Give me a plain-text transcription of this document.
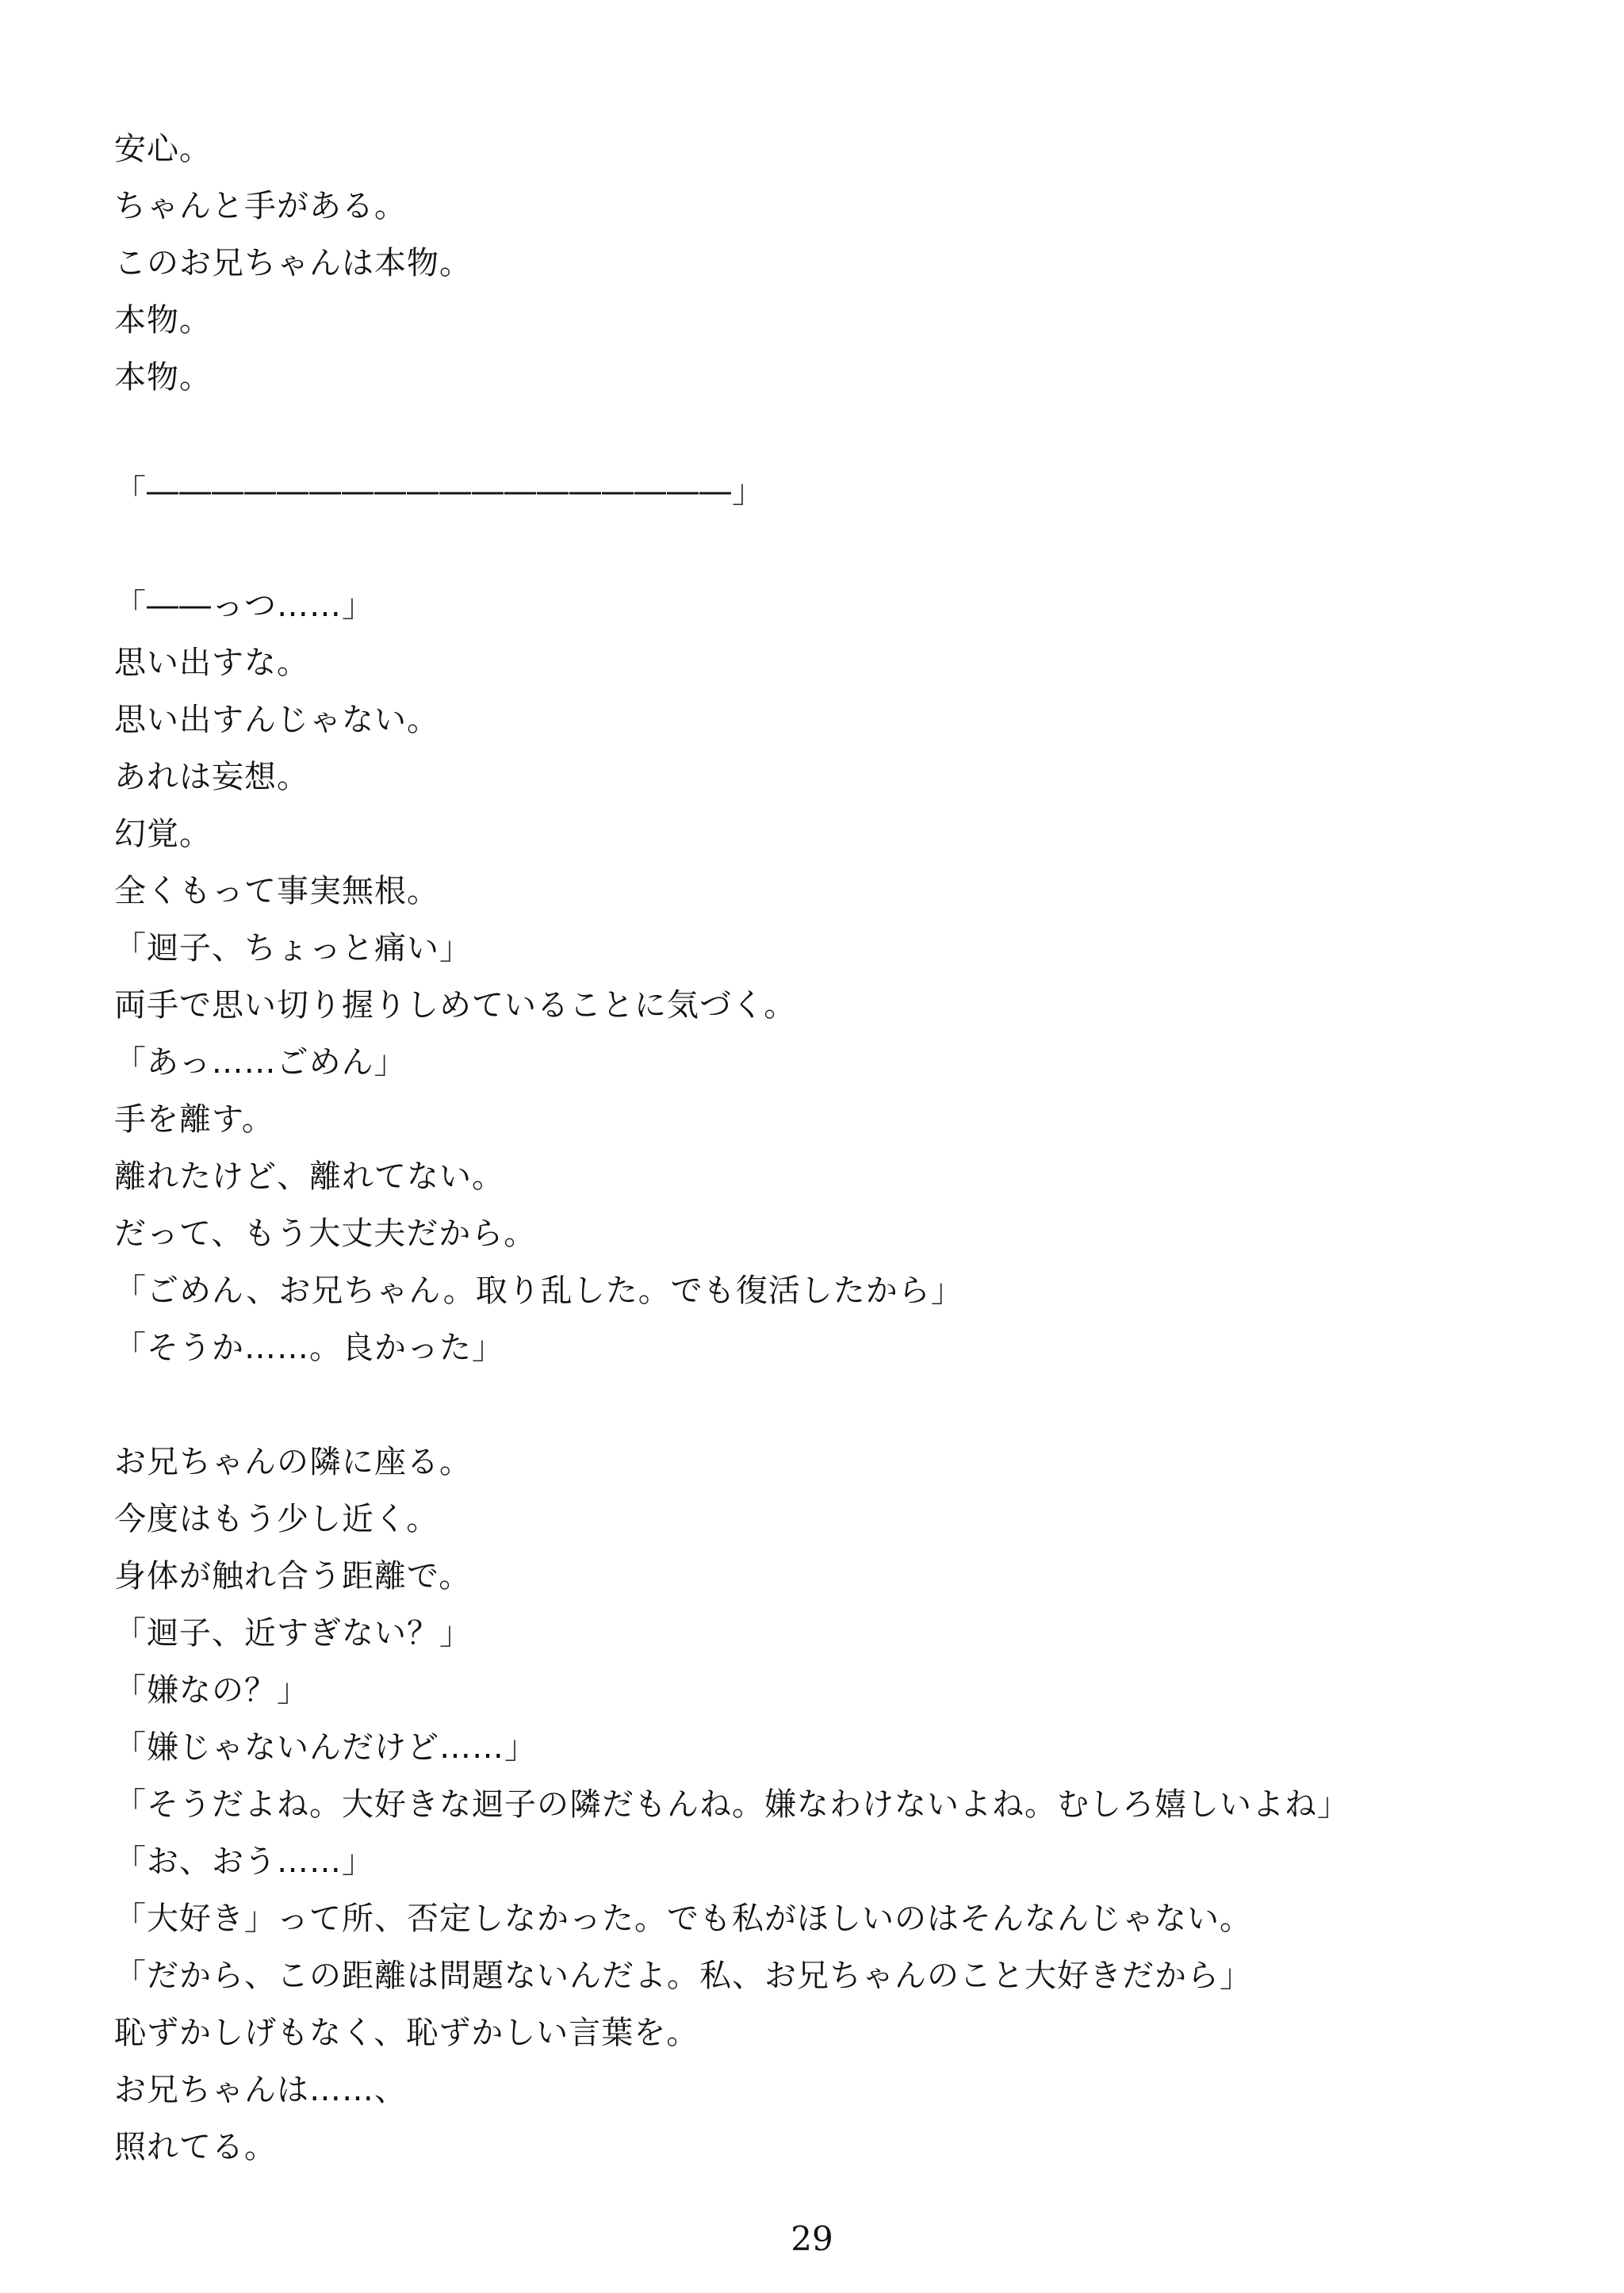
安心。
ちゃんと手がある。
このお兄ちゃんは本物。
本物。
本物。
「――――――――――――――――――」
「――っつ……」
思い出すな。
思い出すんじゃない。
あれは妄想。
幻覚。
全くもって事実無根。
「迴子、ちょっと痛い」
両手で思い切り握りしめていることに気づく。
「あっ……ごめん」
手を離す。
離れたけど、離れてない。
だって、もう大丈夫だから。
「ごめん、お兄ちゃん。取り乱した。でも復活したから」
「そうか……。良かった」
お兄ちゃんの隣に座る。
今度はもう少し近く。
身体が触れ合う距離で。
「迴子、近すぎない？」
「嫌なの？」
「嫌じゃないんだけど……」
「そうだよね。大好きな迴子の隣だもんね。嫌なわけないよね。むしろ嬉しいよね」
「お、おう……」
「大好き」って所、否定しなかった。でも私がほしいのはそんなんじゃない。
「だから、この距離は問題ないんだよ。私、お兄ちゃんのこと大好きだから」
恥ずかしげもなく、恥ずかしい言葉を。
お兄ちゃんは……、
照れてる。
29
